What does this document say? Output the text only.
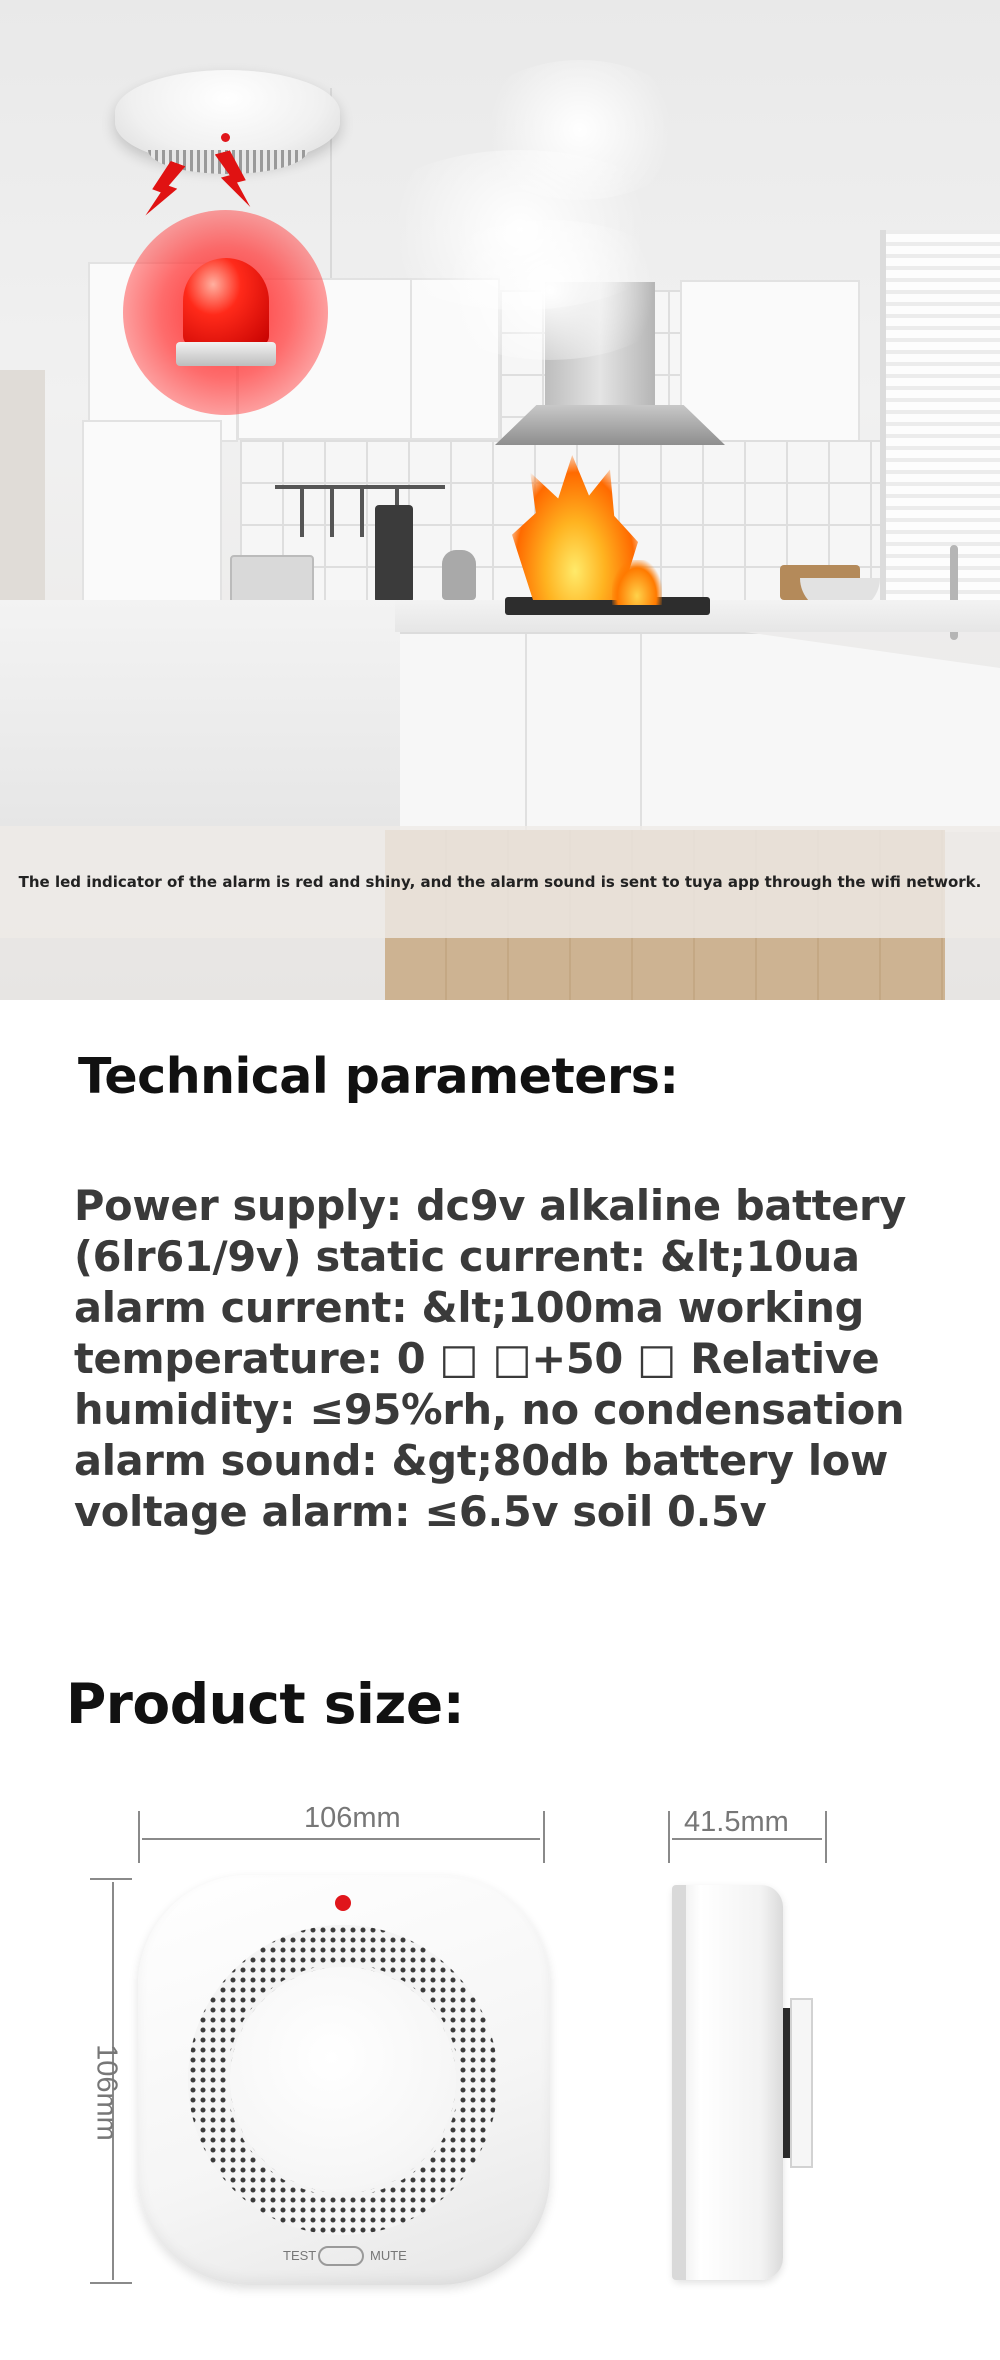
The led indicator of the alarm is red and shiny, and the alarm sound is sent to tuya app through the wifi network.
Technical parameters:

Power supply: dc9v alkaline battery (6lr61/9v) static current: &lt;10ua alarm current: &lt;100ma working temperature: 0 □ □+50 □ Relative humidity: ≤95%rh, no condensation alarm sound: &gt;80db battery low voltage alarm: ≤6.5v soil 0.5v

Product size:
106mm	41.5mm
106mm
TEST	MUTE
